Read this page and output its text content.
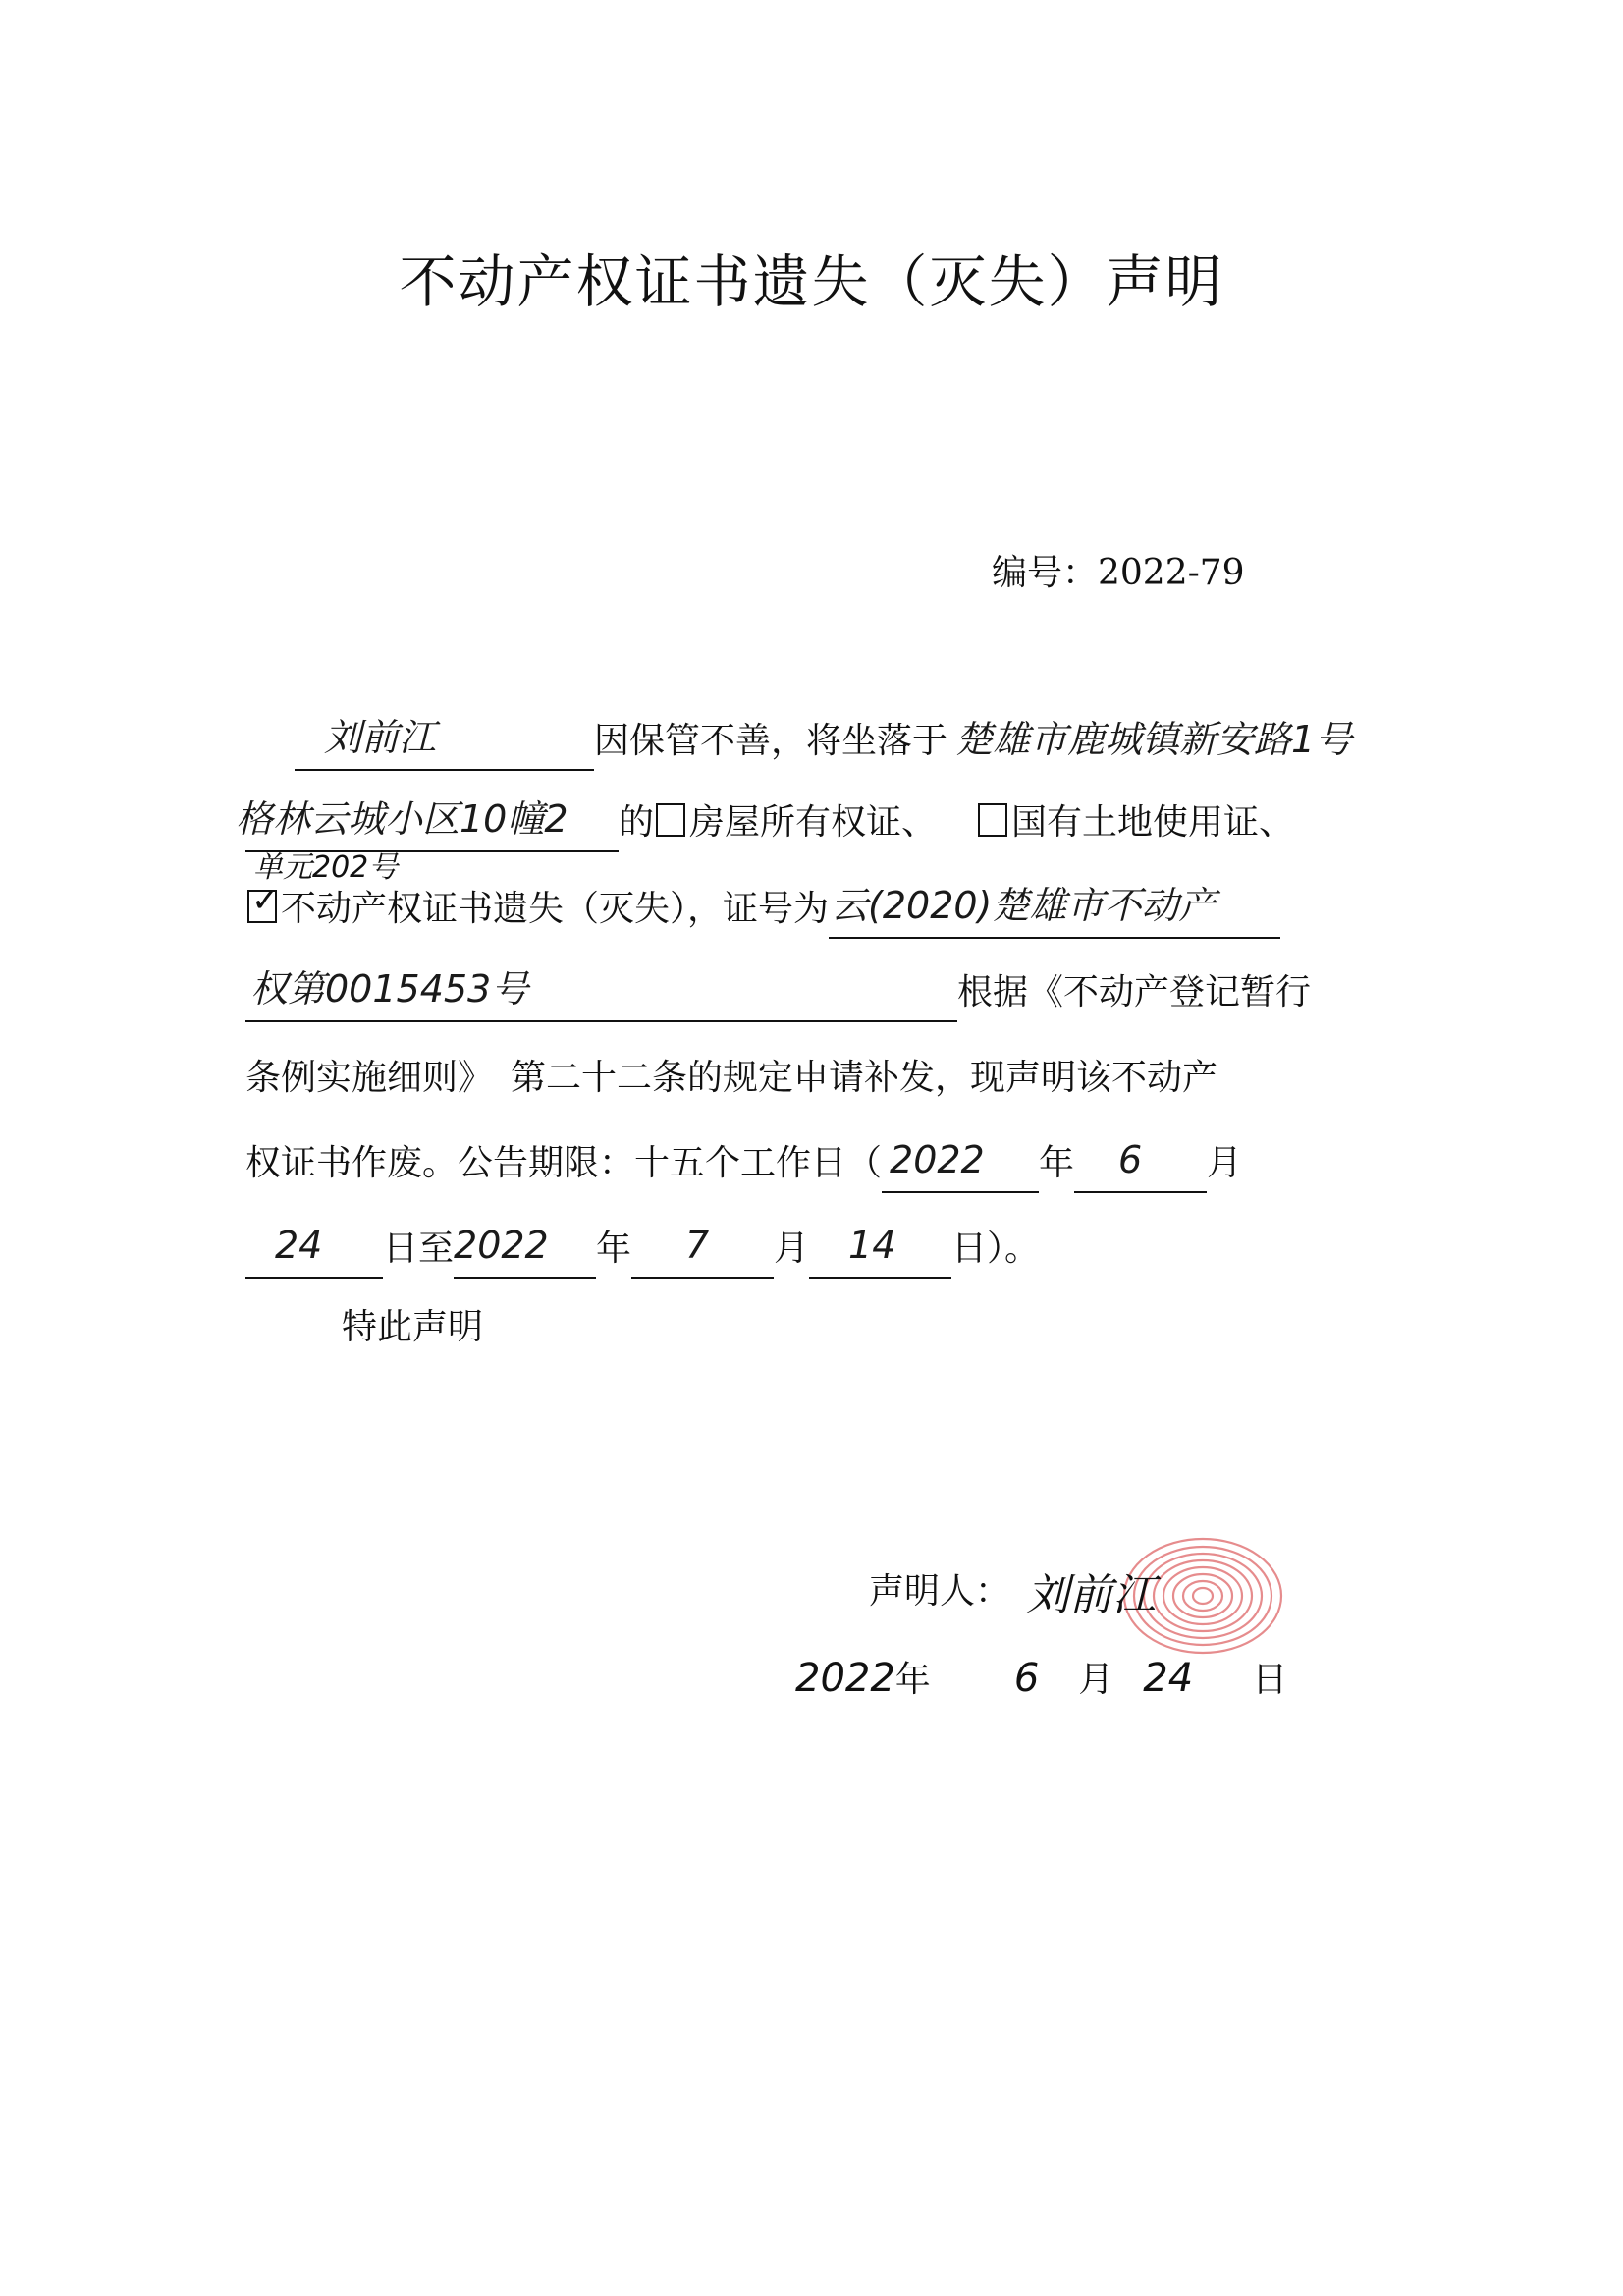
不动产权证书遗失（灭失）声明
编号：2022-79
刘前江	因保管不善，将坐落于 楚雄市鹿城镇新安路1号
格林云城小区10幢2 的 房屋所有权证、 国有土地使用证、
单元202号
✓ 不动产权证书遗失（灭失），证号为 云(2020)楚雄市不动产
权第0015453号	根据《不动产登记暂行
条例实施细则》　第二十二条的规定申请补发，现声明该不动产
权证书作废。公告期限：十五个工作日（ 2022 年 6 月
24 日至 2022 年 7 月 14 日）。
特此声明
声明人： 刘前江
2022年 6 月 24 日
